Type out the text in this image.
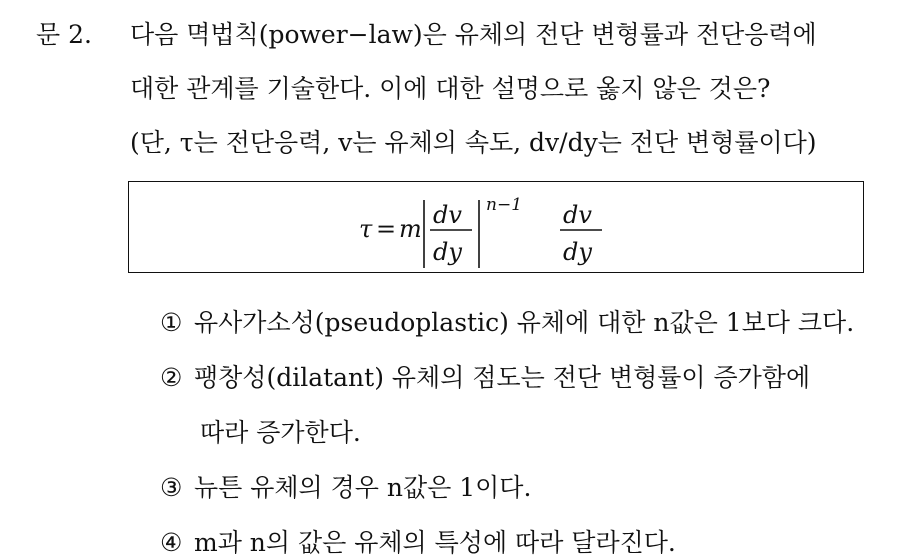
문 2. 다음 멱법칙(power−law)은 유체의 전단 변형률과 전단응력에
대한 관계를 기술한다. 이에 대한 설명으로 옳지 않은 것은?
(단, τ는 전단응력, v는 유체의 속도, dv/dy는 전단 변형률이다)
τ = m dv
dy
n−1 dv
dy
① 유사가소성(pseudoplastic) 유체에 대한 n값은 1보다 크다.
② 팽창성(dilatant) 유체의 점도는 전단 변형률이 증가함에
따라 증가한다.
③ 뉴튼 유체의 경우 n값은 1이다.
④ m과 n의 값은 유체의 특성에 따라 달라진다.
